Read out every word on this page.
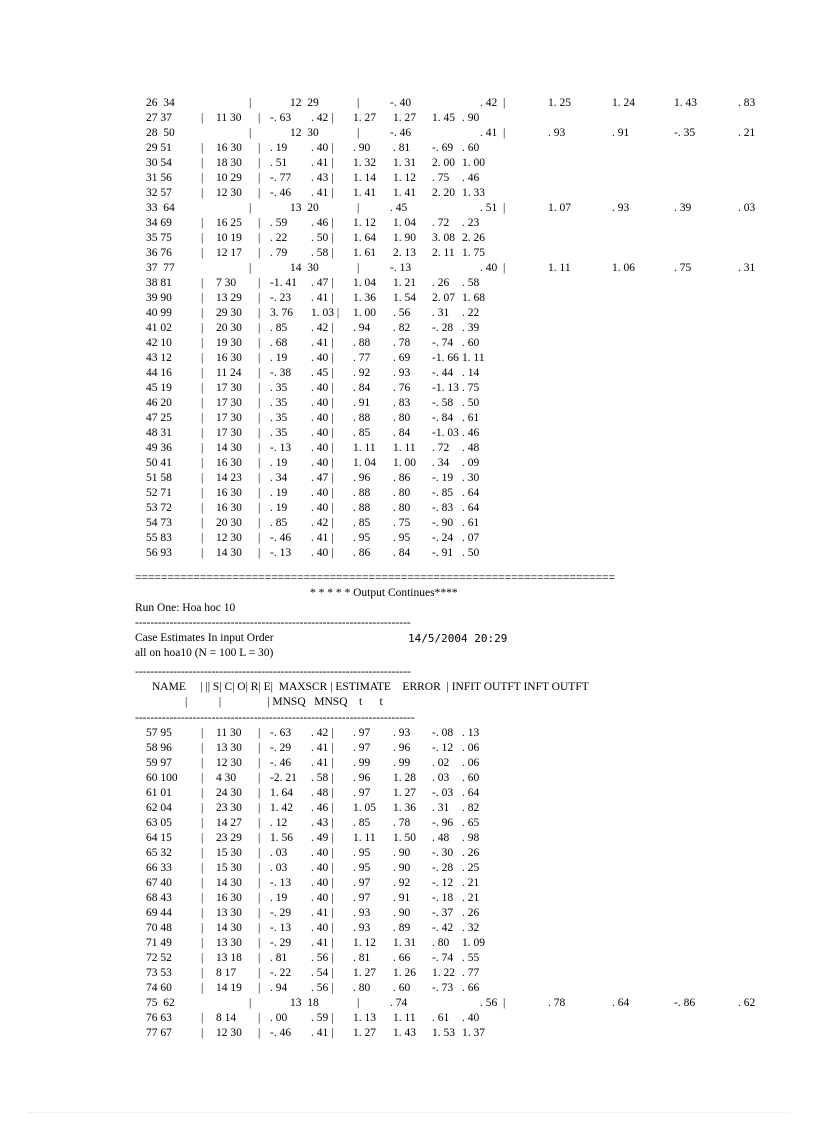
26  34	|	12  29	|	-. 40	. 42  |	1. 25	1. 24	1. 43	. 83
27 37	| 11 30 | -. 63 . 42 | 1. 27 1. 27 1. 45 . 90
28  50	|	12  30	|	-. 46	. 41  |	. 93	. 91	-. 35	. 21
29 51	| 16 30 | . 19 . 40 | . 90 . 81 -. 69 . 60
30 54	| 18 30 | . 51 . 41 | 1. 32 1. 31 2. 00 1. 00
31 56	| 10 29 | -. 77 . 43 | 1. 14 1. 12 . 75 . 46
32 57	| 12 30 | -. 46 . 41 | 1. 41 1. 41 2. 20 1. 33
33  64	|	13  20	|	. 45	. 51  |	1. 07	. 93	. 39	. 03
34 69	| 16 25 | . 59 . 46 | 1. 12 1. 04 . 72 . 23
35 75	| 10 19 | . 22 . 50 | 1. 64 1. 90 3. 08 2. 26
36 76	| 12 17 | . 79 . 58 | 1. 61 2. 13 2. 11 1. 75
37  77	|	14  30	|	-. 13	. 40  |	1. 11	1. 06	. 75	. 31
38 81	| 7 30 | -1. 41 . 47 | 1. 04 1. 21 . 26 . 58
39 90	| 13 29 | -. 23 . 41 | 1. 36 1. 54 2. 07 1. 68
40 99	| 29 30 | 3. 76 1. 03 | 1. 00 . 56 . 31 . 22
41 02	| 20 30 | . 85 . 42 | . 94 . 82 -. 28 . 39
42 10	| 19 30 | . 68 . 41 | . 88 . 78 -. 74 . 60
43 12	| 16 30 | . 19 . 40 | . 77 . 69 -1. 66 1. 11
44 16	| 11 24 | -. 38 . 45 | . 92 . 93 -. 44 . 14
45 19	| 17 30 | . 35 . 40 | . 84 . 76 -1. 13 . 75
46 20	| 17 30 | . 35 . 40 | . 91 . 83 -. 58 . 50
47 25	| 17 30 | . 35 . 40 | . 88 . 80 -. 84 . 61
48 31	| 17 30 | . 35 . 40 | . 85 . 84 -1. 03 . 46
49 36	| 14 30 | -. 13 . 40 | 1. 11 1. 11 . 72 . 48
50 41	| 16 30 | . 19 . 40 | 1. 04 1. 00 . 34 . 09
51 58	| 14 23 | . 34 . 47 | . 96 . 86 -. 19 . 30
52 71	| 16 30 | . 19 . 40 | . 88 . 80 -. 85 . 64
53 72	| 16 30 | . 19 . 40 | . 88 . 80 -. 83 . 64
54 73	| 20 30 | . 85 . 42 | . 85 . 75 -. 90 . 61
55 83	| 12 30 | -. 46 . 41 | . 95 . 95 -. 24 . 07
56 93	| 14 30 | -. 13 . 40 | . 86 . 84 -. 91 . 50
==========================================================================
* * * * * Output Continues****
Run One: Hoa hoc 10
------------------------------------------------------------------------
Case Estimates In input Order	14/5/2004 20:29
all on hoa10 (N = 100 L = 30)
------------------------------------------------------------------------
NAME     | || S| C| O| R| E|  MAXSCR | ESTIMATE    ERROR  | INFIT OUTFT INFT OUTFT
|           |                | MNSQ   MNSQ    t      t
-------------------------------------------------------------------------
57 95	| 11 30 | -. 63 . 42 | . 97 . 93 -. 08 . 13
58 96	| 13 30 | -. 29 . 41 | . 97 . 96 -. 12 . 06
59 97	| 12 30 | -. 46 . 41 | . 99 . 99 . 02 . 06
60 100 | 4 30 | -2. 21 . 58 | . 96 1. 28 . 03 . 60
61 01	| 24 30 | 1. 64 . 48 | . 97 1. 27 -. 03 . 64
62 04	| 23 30 | 1. 42 . 46 | 1. 05 1. 36 . 31 . 82
63 05	| 14 27 | . 12 . 43 | . 85 . 78 -. 96 . 65
64 15	| 23 29 | 1. 56 . 49 | 1. 11 1. 50 . 48 . 98
65 32	| 15 30 | . 03 . 40 | . 95 . 90 -. 30 . 26
66 33	| 15 30 | . 03 . 40 | . 95 . 90 -. 28 . 25
67 40	| 14 30 | -. 13 . 40 | . 97 . 92 -. 12 . 21
68 43	| 16 30 | . 19 . 40 | . 97 . 91 -. 18 . 21
69 44	| 13 30 | -. 29 . 41 | . 93 . 90 -. 37 . 26
70 48	| 14 30 | -. 13 . 40 | . 93 . 89 -. 42 . 32
71 49	| 13 30 | -. 29 . 41 | 1. 12 1. 31 . 80 1. 09
72 52	| 13 18 | . 81 . 56 | . 81 . 66 -. 74 . 55
73 53	| 8 17 | -. 22 . 54 | 1. 27 1. 26 1. 22 . 77
74 60	| 14 19 | . 94 . 56 | . 80 . 60 -. 73 . 66
75  62	|	13  18	|	. 74	. 56  |	. 78	. 64	-. 86	. 62
76 63	| 8 14 | . 00 . 59 | 1. 13 1. 11 . 61 . 40
77 67	| 12 30 | -. 46 . 41 | 1. 27 1. 43 1. 53 1. 37
